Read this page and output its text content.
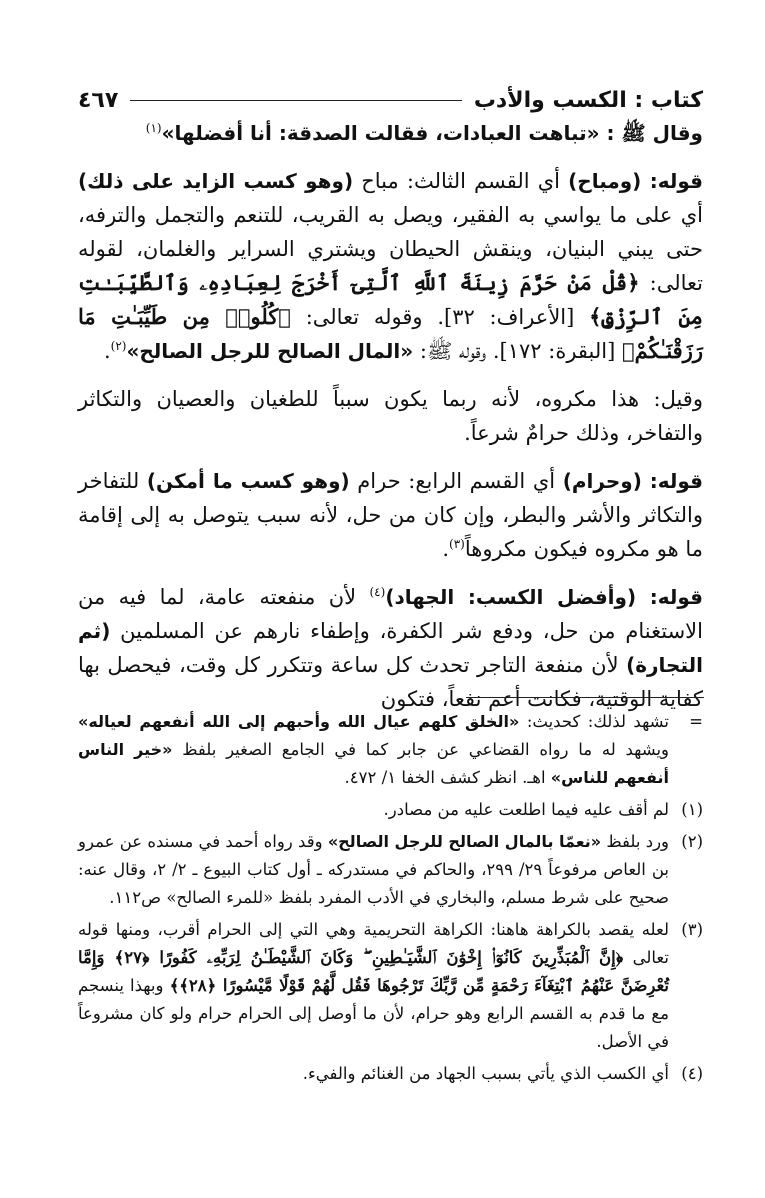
كتاب : الكسب والأدب
٤٦٧

وقال ﷺ : «تباهت العبادات، فقالت الصدقة: أنا أفضلها»$^{(١)}$

قوله: (ومباح) أي القسم الثالث: مباح (وهو كسب الزايد على ذلك) أي على ما يواسي به الفقير، ويصل به القريب، للتنعم والتجمل والترفه، حتى يبني البنيان، وينقش الحيطان ويشتري السراير والغلمان، لقوله تعالى: ﴿قُلْ مَنْ حَرَّمَ زِينَةَ ٱللَّهِ ٱلَّتِىٓ أَخْرَجَ لِعِبَادِهِۦ وَٱلطَّيِّبَـٰتِ مِنَ ٱلرِّزْقِ﴾ [الأعراف: ٣٢]. وقوله تعالى: ﴿كُلُوا۟ مِن طَيِّبَـٰتِ مَا رَزَقْنَـٰكُمْ﴾ [البقرة: ١٧٢]. وقوله ﷺ: «المال الصالح للرجل الصالح»$^{(٢)}$.

وقيل: هذا مكروه، لأنه ربما يكون سبباً للطغيان والعصيان والتكاثر والتفاخر، وذلك حرامٌ شرعاً.

قوله: (وحرام) أي القسم الرابع: حرام (وهو كسب ما أمكن) للتفاخر والتكاثر والأشر والبطر، وإن كان من حل، لأنه سبب يتوصل به إلى إقامة ما هو مكروه فيكون مكروهاً$^{(٣)}$.

قوله: (وأفضل الكسب: الجهاد)$^{(٤)}$ لأن منفعته عامة، لما فيه من الاستغنام من حل، ودفع شر الكفرة، وإطفاء نارهم عن المسلمين (ثم التجارة) لأن منفعة التاجر تحدث كل ساعة وتتكرر كل وقت، فيحصل بها كفاية الوقتية، فكانت أعم نفعاً، فتكون

=
تشهد لذلك: كحديث: «الخلق كلهم عيال الله وأحبهم إلى الله أنفعهم لعياله» ويشهد له ما رواه القضاعي عن جابر كما في الجامع الصغير بلفظ «خير الناس أنفعهم للناس» اهـ. انظر كشف الخفا ١/ ٤٧٢.
(١)
لم أقف عليه فيما اطلعت عليه من مصادر.
(٢)
ورد بلفظ «نعمّا بالمال الصالح للرجل الصالح» وقد رواه أحمد في مسنده عن عمرو بن العاص مرفوعاً ٢٩/ ٢٩٩، والحاكم في مستدركه ـ أول كتاب البيوع ـ ٢/ ٢، وقال عنه: صحيح على شرط مسلم، والبخاري في الأدب المفرد بلفظ «للمرء الصالح» ص١١٢.
(٣)
لعله يقصد بالكراهة هاهنا: الكراهة التحريمية وهي التي إلى الحرام أقرب، ومنها قوله تعالى ﴿إِنَّ ٱلْمُبَذِّرِينَ كَانُوٓا۟ إِخْوَٰنَ ٱلشَّيَـٰطِينِ ۖ وَكَانَ ٱلشَّيْطَـٰنُ لِرَبِّهِۦ كَفُورًا ﴿٢٧﴾ وَإِمَّا تُعْرِضَنَّ عَنْهُمُ ٱبْتِغَآءَ رَحْمَةٍ مِّن رَّبِّكَ تَرْجُوهَا فَقُل لَّهُمْ قَوْلًا مَّيْسُورًا ﴿٢٨﴾﴾ وبهذا ينسجم مع ما قدم به القسم الرابع وهو حرام، لأن ما أوصل إلى الحرام حرام ولو كان مشروعاً في الأصل.
(٤)
أي الكسب الذي يأتي بسبب الجهاد من الغنائم والفيء.
